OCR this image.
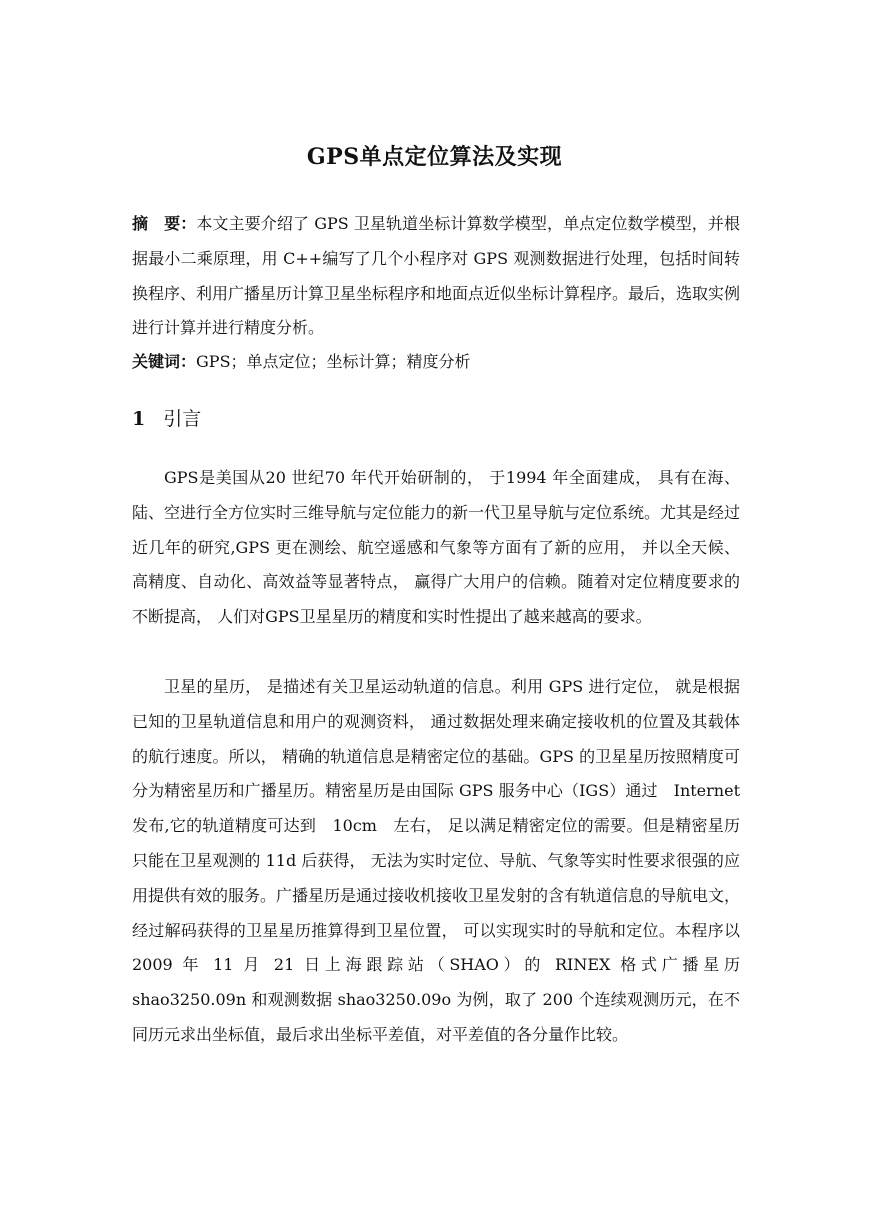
GPS单点定位算法及实现
摘　要：本文主要介绍了 GPS 卫星轨道坐标计算数学模型，单点定位数学模型，并根据最小二乘原理，用 C++编写了几个小程序对 GPS 观测数据进行处理，包括时间转换程序、利用广播星历计算卫星坐标程序和地面点近似坐标计算程序。最后，选取实例进行计算并进行精度分析。
关键词：GPS；单点定位；坐标计算；精度分析
1 引言
GPS是美国从20 世纪70 年代开始研制的， 于1994 年全面建成， 具有在海、陆、空进行全方位实时三维导航与定位能力的新一代卫星导航与定位系统。尤其是经过近几年的研究,GPS 更在测绘、航空遥感和气象等方面有了新的应用， 并以全天候、高精度、自动化、高效益等显著特点， 赢得广大用户的信赖。随着对定位精度要求的不断提高， 人们对GPS卫星星历的精度和实时性提出了越来越高的要求。
卫星的星历， 是描述有关卫星运动轨道的信息。利用 GPS 进行定位， 就是根据已知的卫星轨道信息和用户的观测资料， 通过数据处理来确定接收机的位置及其载体的航行速度。所以， 精确的轨道信息是精密定位的基础。GPS 的卫星星历按照精度可分为精密星历和广播星历。精密星历是由国际 GPS 服务中心（IGS）通过　Internet　发布,它的轨道精度可达到　10cm　左右， 足以满足精密定位的需要。但是精密星历只能在卫星观测的 11d 后获得， 无法为实时定位、导航、气象等实时性要求很强的应用提供有效的服务。广播星历是通过接收机接收卫星发射的含有轨道信息的导航电文， 经过解码获得的卫星星历推算得到卫星位置， 可以实现实时的导航和定位。本程序以 2009 年 11 月 21 日上海跟踪站（SHAO）的 RINEX 格式广播星历 shao3250.09n 和观测数据 shao3250.09o 为例，取了 200 个连续观测历元，在不同历元求出坐标值，最后求出坐标平差值，对平差值的各分量作比较。
